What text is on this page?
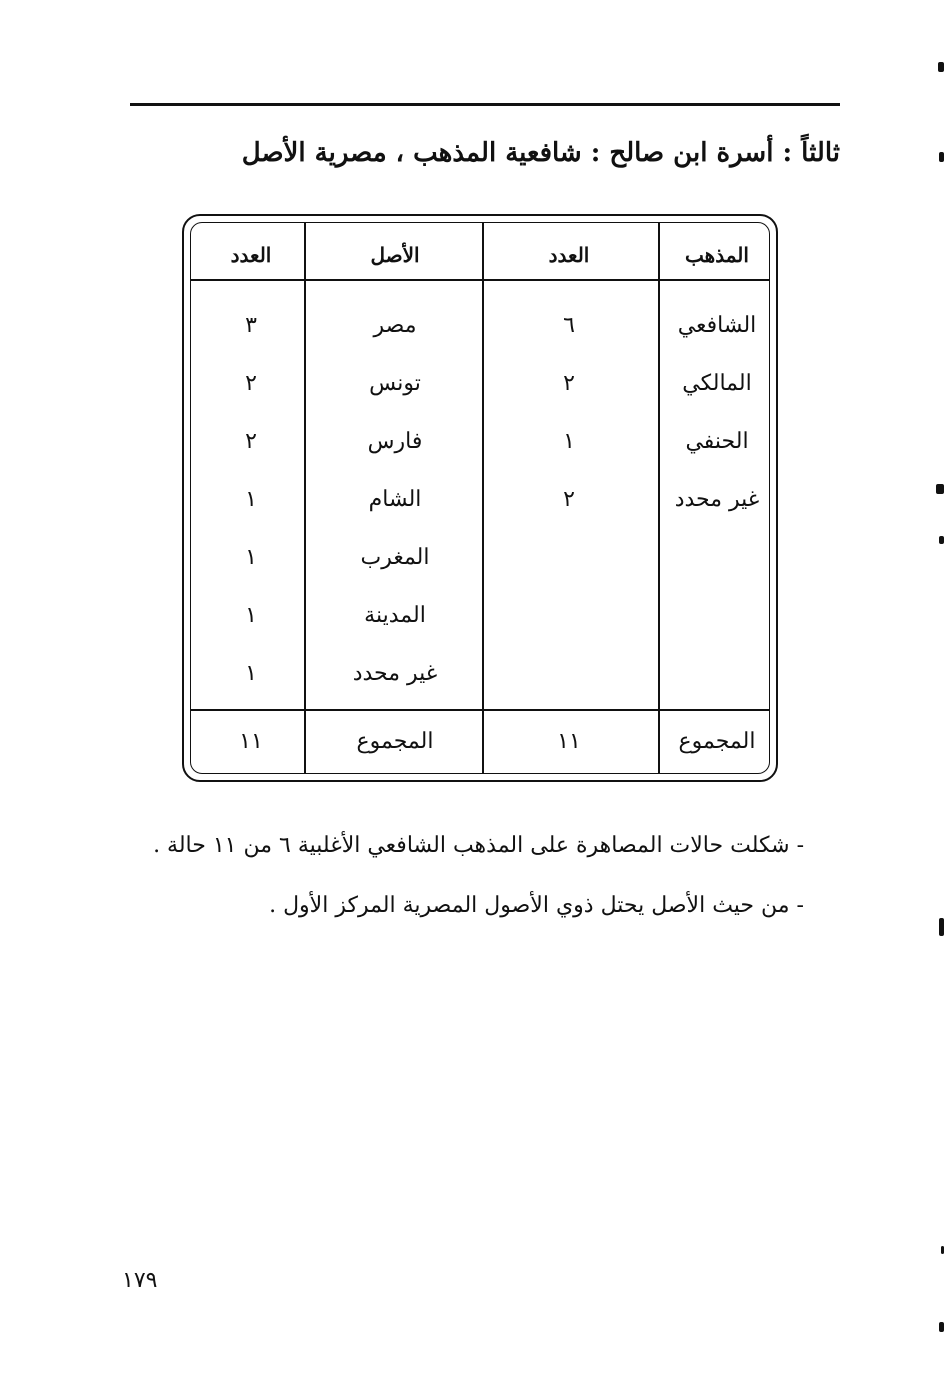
ثالثاً : أسرة ابن صالح : شافعية المذهب ، مصرية الأصل
المذهب
العدد
الأصل
العدد
الشافعي
٦
المالكي
٢
الحنفي
١
غير محدد
٢
مصر
٣
تونس
٢
فارس
٢
الشام
١
المغرب
١
المدينة
١
غير محدد
١
المجموع
١١
المجموع
١١
- شكلت حالات المصاهرة على المذهب الشافعي الأغلبية ٦ من ١١ حالة .
- من حيث الأصل يحتل ذوي الأصول المصرية المركز الأول .
١٧٩
